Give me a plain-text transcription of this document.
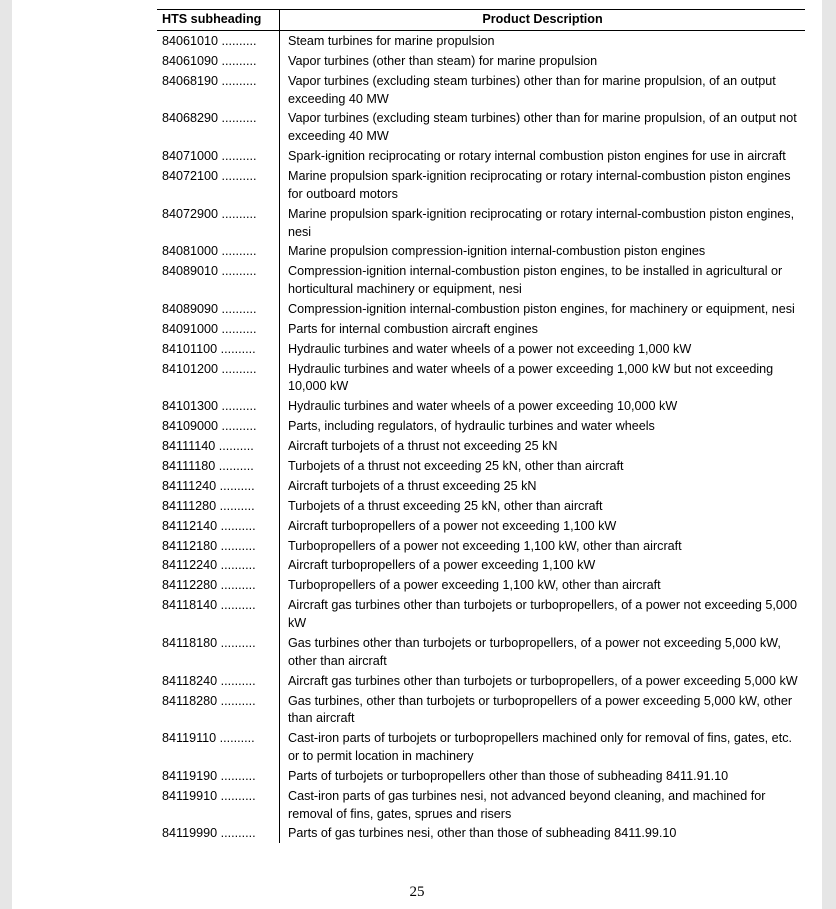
HTS subheading	Product Description
84061010 ..........	Steam turbines for marine propulsion
84061090 ..........	Vapor turbines (other than steam) for marine propulsion
84068190 ..........	Vapor turbines (excluding steam turbines) other than for marine propulsion, of an output exceeding 40 MW
84068290 ..........	Vapor turbines (excluding steam turbines) other than for marine propulsion, of an output not exceeding 40 MW
84071000 ..........	Spark-ignition reciprocating or rotary internal combustion piston engines for use in aircraft
84072100 ..........	Marine propulsion spark-ignition reciprocating or rotary internal-combustion piston engines for outboard motors
84072900 ..........	Marine propulsion spark-ignition reciprocating or rotary internal-combustion piston engines, nesi
84081000 ..........	Marine propulsion compression-ignition internal-combustion piston engines
84089010 ..........	Compression-ignition internal-combustion piston engines, to be installed in agricultural or horticultural machinery or equipment, nesi
84089090 ..........	Compression-ignition internal-combustion piston engines, for machinery or equipment, nesi
84091000 ..........	Parts for internal combustion aircraft engines
84101100 ..........	Hydraulic turbines and water wheels of a power not exceeding 1,000 kW
84101200 ..........	Hydraulic turbines and water wheels of a power exceeding 1,000 kW but not exceeding 10,000 kW
84101300 ..........	Hydraulic turbines and water wheels of a power exceeding 10,000 kW
84109000 ..........	Parts, including regulators, of hydraulic turbines and water wheels
84111140 ..........	Aircraft turbojets of a thrust not exceeding 25 kN
84111180 ..........	Turbojets of a thrust not exceeding 25 kN, other than aircraft
84111240 ..........	Aircraft turbojets of a thrust exceeding 25 kN
84111280 ..........	Turbojets of a thrust exceeding 25 kN, other than aircraft
84112140 ..........	Aircraft turbopropellers of a power not exceeding 1,100 kW
84112180 ..........	Turbopropellers of a power not exceeding 1,100 kW, other than aircraft
84112240 ..........	Aircraft turbopropellers of a power exceeding 1,100 kW
84112280 ..........	Turbopropellers of a power exceeding 1,100 kW, other than aircraft
84118140 ..........	Aircraft gas turbines other than turbojets or turbopropellers, of a power not exceeding 5,000 kW
84118180 ..........	Gas turbines other than turbojets or turbopropellers, of a power not exceeding 5,000 kW, other than aircraft
84118240 ..........	Aircraft gas turbines other than turbojets or turbopropellers, of a power exceeding 5,000 kW
84118280 ..........	Gas turbines, other than turbojets or turbopropellers of a power exceeding 5,000 kW, other than aircraft
84119110 ..........	Cast-iron parts of turbojets or turbopropellers machined only for removal of fins, gates, etc. or to permit location in machinery
84119190 ..........	Parts of turbojets or turbopropellers other than those of subheading 8411.91.10
84119910 ..........	Cast-iron parts of gas turbines nesi, not advanced beyond cleaning, and machined for removal of fins, gates, sprues and risers
84119990 ..........	Parts of gas turbines nesi, other than those of subheading 8411.99.10
25
